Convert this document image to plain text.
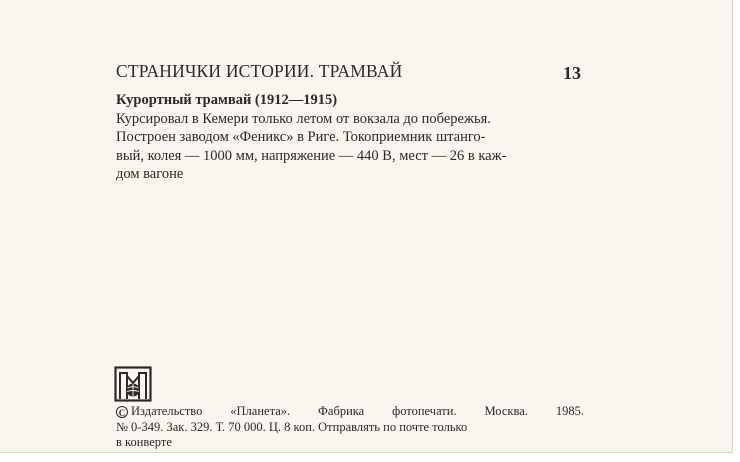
СТРАНИЧКИ ИСТОРИИ. ТРАМВАЙ	13
Курортный трамвай (1912—1915)
Курсировал в Кемери только летом от вокзала до побережья.
Построен заводом «Феникс» в Риге. Токоприемник штанго-
вый, колея — 1000 мм, напряжение — 440 В, мест — 26 в каж-
дом вагоне
С Издательство «Планета». Фабрика фотопечати. Москва. 1985.
№ 0-349. Зак. 329. Т. 70 000. Ц. 8 коп. Отправлять по почте только
в конверте
